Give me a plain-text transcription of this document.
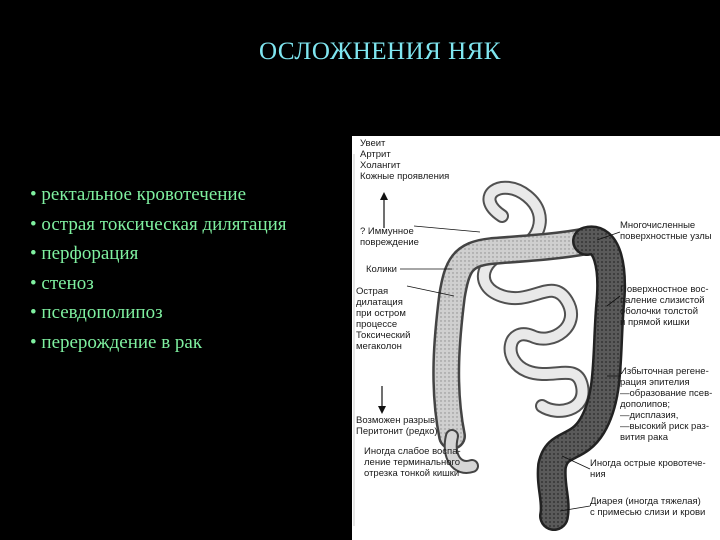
ОСЛОЖНЕНИЯ НЯК
• ректальное кровотечение
• острая токсическая дилятация
• перфорация
• стеноз
• псевдополипоз
• перерождение в рак
Увеит
Артрит
Холангит
Кожные проявления
? Иммунное
повреждение
Колики
Острая
дилатация
при остром
процессе
Токсический
мегаколон
Возможен разрыв
Перитонит (редко)
Иногда слабое воспа-
ление терминального
отрезка тонкой кишки
Многочисленные
поверхностные узлы
Поверхностное вос-
паление слизистой
оболочки толстой
и прямой кишки
Избыточная регене-
рация эпителия
—образование псев-
дополипов;
—дисплазия,
—высокий риск раз-
вития рака
Иногда острые кровотече-
ния
Диарея (иногда тяжелая)
с примесью слизи и крови
